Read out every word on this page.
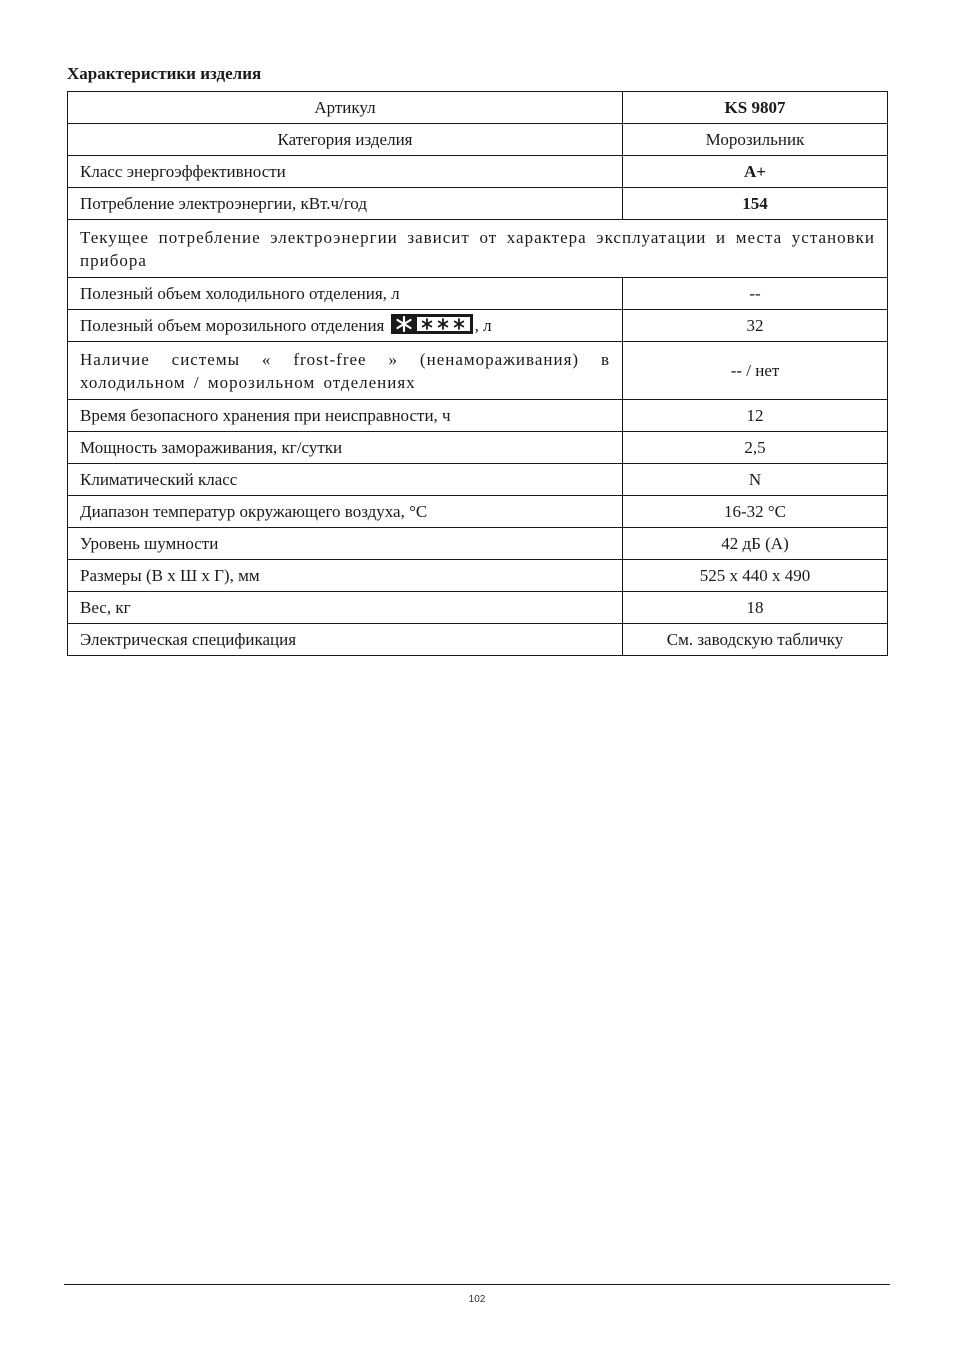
Характеристики изделия
Артикул	KS 9807
Категория изделия	Морозильник
Класс энергоэффективности	A+
Потребление электроэнергии, кВт.ч/год	154
Текущее потребление электроэнергии зависит от характера эксплуатации и места установки прибора	
Полезный объем холодильного отделения, л	--
Полезный объем морозильного отделения , л	32
Наличие системы « frost-free » (ненамораживания) в холодильном / морозильном отделениях	-- / нет
Время безопасного хранения при неисправности, ч	12
Мощность замораживания, кг/сутки	2,5
Климатический класс	N
Диапазон температур окружающего воздуха, °C	16-32 °C
Уровень шумности	42 дБ (A)
Размеры (В х Ш х Г), мм	525 x 440 x 490
Вес, кг	18
Электрическая спецификация	См. заводскую табличку
102
